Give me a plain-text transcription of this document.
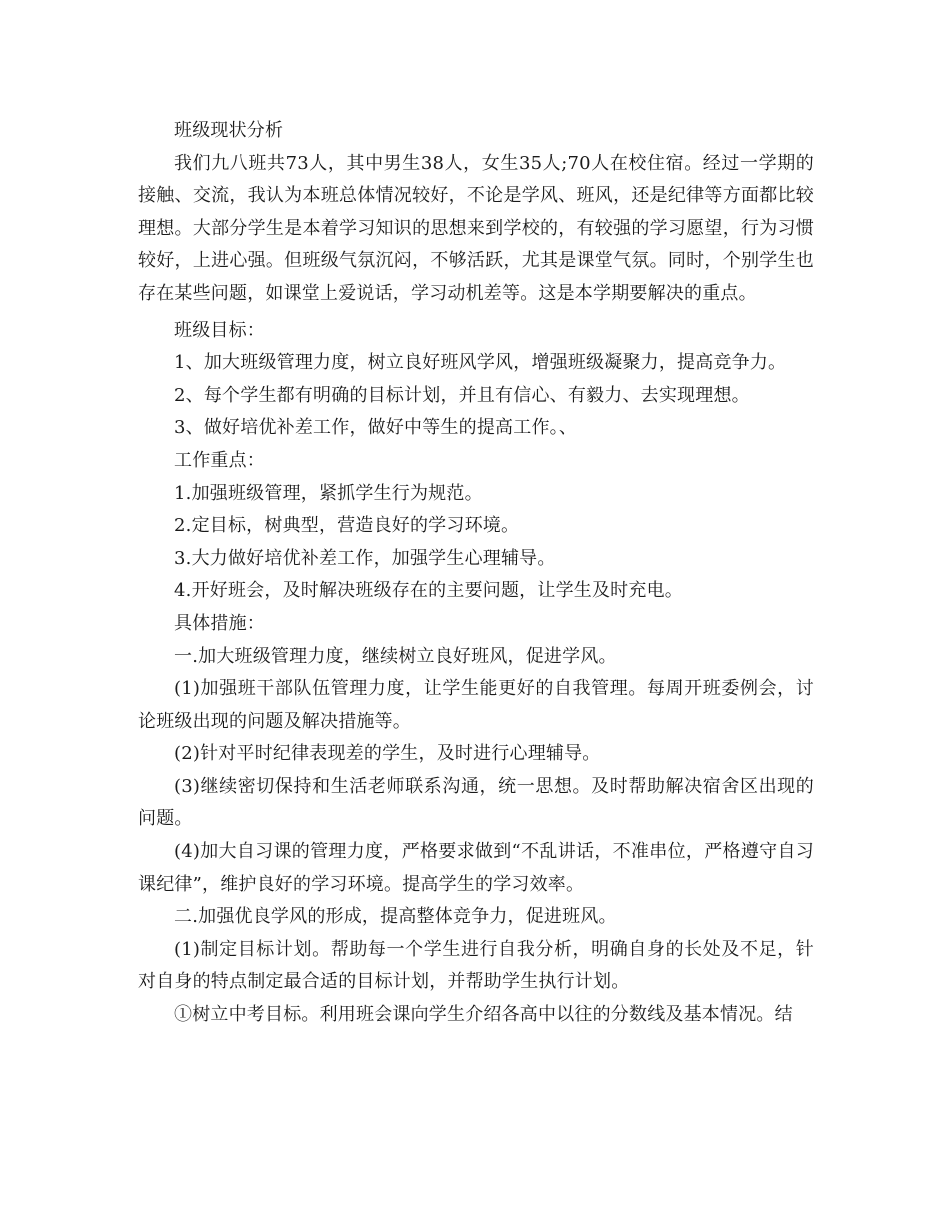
班级现状分析

我们九八班共73人，其中男生38人，女生35人;70人在校住宿。经过一学期的接触、交流，我认为本班总体情况较好，不论是学风、班风，还是纪律等方面都比较理想。大部分学生是本着学习知识的思想来到学校的，有较强的学习愿望，行为习惯较好，上进心强。但班级气氛沉闷，不够活跃，尤其是课堂气氛。同时，个别学生也存在某些问题，如课堂上爱说话，学习动机差等。这是本学期要解决的重点。

班级目标：

1、加大班级管理力度，树立良好班风学风，增强班级凝聚力，提高竞争力。

2、每个学生都有明确的目标计划，并且有信心、有毅力、去实现理想。

3、做好培优补差工作，做好中等生的提高工作。、

工作重点：

1.加强班级管理，紧抓学生行为规范。

2.定目标，树典型，营造良好的学习环境。

3.大力做好培优补差工作，加强学生心理辅导。

4.开好班会，及时解决班级存在的主要问题，让学生及时充电。

具体措施：

一.加大班级管理力度，继续树立良好班风，促进学风。

(1)加强班干部队伍管理力度，让学生能更好的自我管理。每周开班委例会，讨论班级出现的问题及解决措施等。

(2)针对平时纪律表现差的学生，及时进行心理辅导。

(3)继续密切保持和生活老师联系沟通，统一思想。及时帮助解决宿舍区出现的问题。

(4)加大自习课的管理力度，严格要求做到“不乱讲话，不准串位，严格遵守自习课纪律”，维护良好的学习环境。提高学生的学习效率。

二.加强优良学风的形成，提高整体竞争力，促进班风。

(1)制定目标计划。帮助每一个学生进行自我分析，明确自身的长处及不足，针对自身的特点制定最合适的目标计划，并帮助学生执行计划。

①树立中考目标。利用班会课向学生介绍各高中以往的分数线及基本情况。结
